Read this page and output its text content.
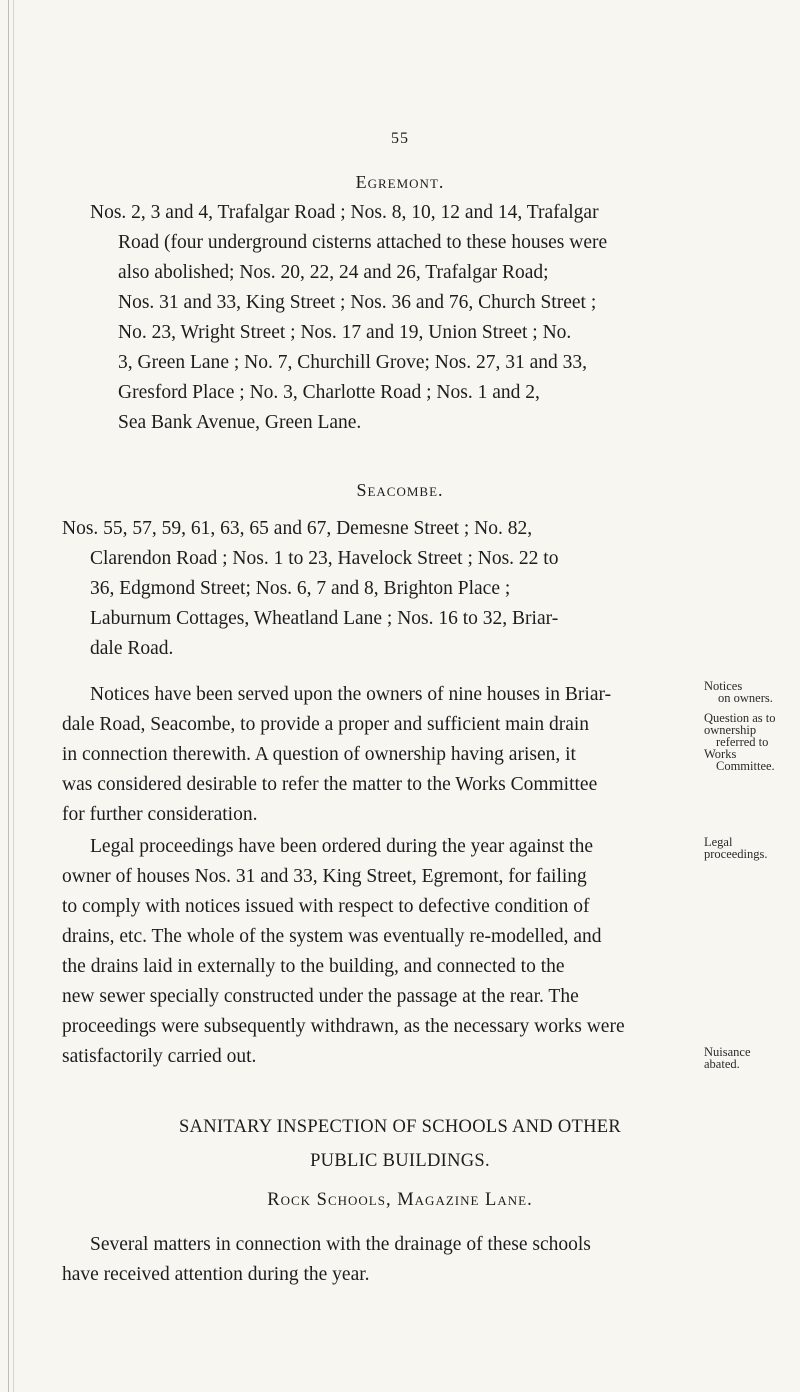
55
Egremont.
Nos. 2, 3 and 4, Trafalgar Road ; Nos. 8, 10, 12 and 14, Trafalgar
Road (four underground cisterns attached to these houses were
also abolished; Nos. 20, 22, 24 and 26, Trafalgar Road;
Nos. 31 and 33, King Street ; Nos. 36 and 76, Church Street ;
No. 23, Wright Street ; Nos. 17 and 19, Union Street ; No.
3, Green Lane ; No. 7, Churchill Grove; Nos. 27, 31 and 33,
Gresford Place ; No. 3, Charlotte Road ; Nos. 1 and 2,
Sea Bank Avenue, Green Lane.
Seacombe.
Nos. 55, 57, 59, 61, 63, 65 and 67, Demesne Street ; No. 82,
Clarendon Road ; Nos. 1 to 23, Havelock Street ; Nos. 22 to
36, Edgmond Street; Nos. 6, 7 and 8, Brighton Place ;
Laburnum Cottages, Wheatland Lane ; Nos. 16 to 32, Briar-
dale Road.
Notices have been served upon the owners of nine houses in Briar-
dale Road, Seacombe, to provide a proper and sufficient main drain
in connection therewith. A question of ownership having arisen, it
was considered desirable to refer the matter to the Works Committee
for further consideration.
Notices
on owners.
Question as to
ownership
referred to
Works
Committee.
Legal proceedings have been ordered during the year against the
owner of houses Nos. 31 and 33, King Street, Egremont, for failing
to comply with notices issued with respect to defective condition of
drains, etc. The whole of the system was eventually re-modelled, and
the drains laid in externally to the building, and connected to the
new sewer specially constructed under the passage at the rear. The
proceedings were subsequently withdrawn, as the necessary works were
satisfactorily carried out.
Legal
proceedings.
Nuisance
abated.
SANITARY INSPECTION OF SCHOOLS AND OTHER
PUBLIC BUILDINGS.
Rock Schools, Magazine Lane.
Several matters in connection with the drainage of these schools
have received attention during the year.
